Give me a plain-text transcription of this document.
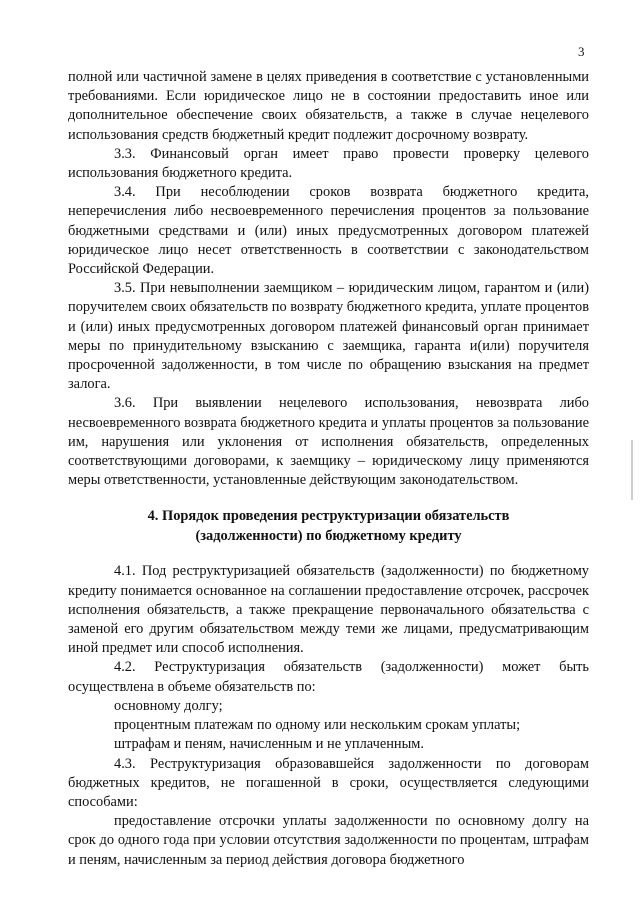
3

полной или частичной замене в целях приведения в соответствие с установленными требованиями. Если юридическое лицо не в состоянии предоставить иное или дополнительное обеспечение своих обязательств, а также в случае нецелевого использования средств бюджетный кредит подлежит досрочному возврату.

3.3. Финансовый орган имеет право провести проверку целевого использования бюджетного кредита.

3.4. При несоблюдении сроков возврата бюджетного кредита, неперечисления либо несвоевременного перечисления процентов за пользование бюджетными средствами и (или) иных предусмотренных договором платежей юридическое лицо несет ответственность в соответствии с законодательством Российской Федерации.

3.5. При невыполнении заемщиком – юридическим лицом, гарантом и (или) поручителем своих обязательств по возврату бюджетного кредита, уплате процентов и (или) иных предусмотренных договором платежей финансовый орган принимает меры по принудительному взысканию с заемщика, гаранта и(или) поручителя просроченной задолженности, в том числе по обращению взыскания на предмет залога.

3.6. При выявлении нецелевого использования, невозврата либо несвоевременного возврата бюджетного кредита и уплаты процентов за пользование им, нарушения или уклонения от исполнения обязательств, определенных соответствующими договорами, к заемщику – юридическому лицу применяются меры ответственности, установленные действующим законодательством.

4. Порядок проведения реструктуризации обязательств
(задолженности) по бюджетному кредиту

4.1. Под реструктуризацией обязательств (задолженности) по бюджетному кредиту понимается основанное на соглашении предоставление отсрочек, рассрочек исполнения обязательств, а также прекращение первоначального обязательства с заменой его другим обязательством между теми же лицами, предусматривающим иной предмет или способ исполнения.

4.2. Реструктуризация обязательств (задолженности) может быть осуществлена в объеме обязательств по:

основному долгу;

процентным платежам по одному или нескольким срокам уплаты;

штрафам и пеням, начисленным и не уплаченным.

4.3. Реструктуризация образовавшейся задолженности по договорам бюджетных кредитов, не погашенной в сроки, осуществляется следующими способами:

предоставление отсрочки уплаты задолженности по основному долгу на срок до одного года при условии отсутствия задолженности по процентам, штрафам и пеням, начисленным за период действия договора бюджетного
